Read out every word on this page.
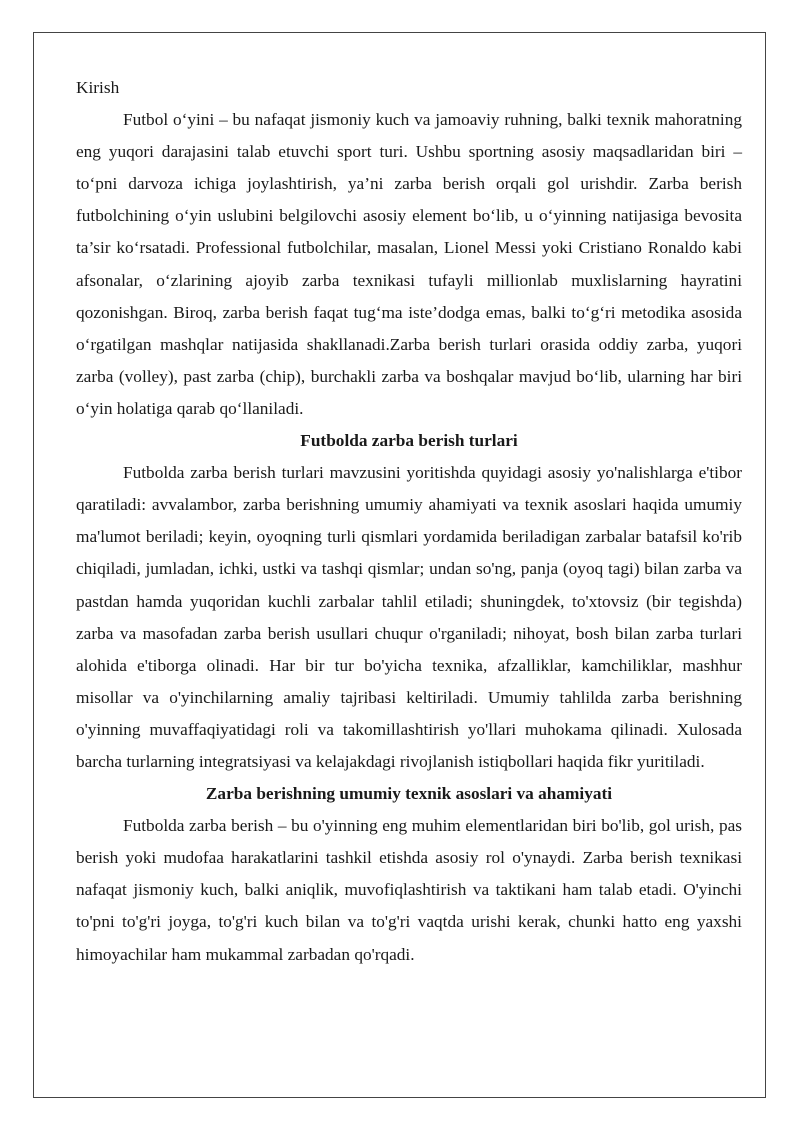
Kirish

Futbol o‘yini – bu nafaqat jismoniy kuch va jamoaviy ruhning, balki texnik mahoratning eng yuqori darajasini talab etuvchi sport turi. Ushbu sportning asosiy maqsadlaridan biri – to‘pni darvoza ichiga joylashtirish, ya’ni zarba berish orqali gol urishdir. Zarba berish futbolchining o‘yin uslubini belgilovchi asosiy element bo‘lib, u o‘yinning natijasiga bevosita ta’sir ko‘rsatadi. Professional futbolchilar, masalan, Lionel Messi yoki Cristiano Ronaldo kabi afsonalar, o‘zlarining ajoyib zarba texnikasi tufayli millionlab muxlislarning hayratini qozonishgan. Biroq, zarba berish faqat tug‘ma iste’dodga emas, balki to‘g‘ri metodika asosida o‘rgatilgan mashqlar natijasida shakllanadi.Zarba berish turlari orasida oddiy zarba, yuqori zarba (volley), past zarba (chip), burchakli zarba va boshqalar mavjud bo‘lib, ularning har biri o‘yin holatiga qarab qo‘llaniladi.

Futbolda zarba berish turlari

Futbolda zarba berish turlari mavzusini yoritishda quyidagi asosiy yo'nalishlarga e'tibor qaratiladi: avvalambor, zarba berishning umumiy ahamiyati va texnik asoslari haqida umumiy ma'lumot beriladi; keyin, oyoqning turli qismlari yordamida beriladigan zarbalar batafsil ko'rib chiqiladi, jumladan, ichki, ustki va tashqi qismlar; undan so'ng, panja (oyoq tagi) bilan zarba va pastdan hamda yuqoridan kuchli zarbalar tahlil etiladi; shuningdek, to'xtovsiz (bir tegishda) zarba va masofadan zarba berish usullari chuqur o'rganiladi; nihoyat, bosh bilan zarba turlari alohida e'tiborga olinadi. Har bir tur bo'yicha texnika, afzalliklar, kamchiliklar, mashhur misollar va o'yinchilarning amaliy tajribasi keltiriladi. Umumiy tahlilda zarba berishning o'yinning muvaffaqiyatidagi roli va takomillashtirish yo'llari muhokama qilinadi. Xulosada barcha turlarning integratsiyasi va kelajakdagi rivojlanish istiqbollari haqida fikr yuritiladi.

Zarba berishning umumiy texnik asoslari va ahamiyati

Futbolda zarba berish – bu o'yinning eng muhim elementlaridan biri bo'lib, gol urish, pas berish yoki mudofaa harakatlarini tashkil etishda asosiy rol o'ynaydi. Zarba berish texnikasi nafaqat jismoniy kuch, balki aniqlik, muvofiqlashtirish va taktikani ham talab etadi. O'yinchi to'pni to'g'ri joyga, to'g'ri kuch bilan va to'g'ri vaqtda urishi kerak, chunki hatto eng yaxshi himoyachilar ham mukammal zarbadan qo'rqadi.
